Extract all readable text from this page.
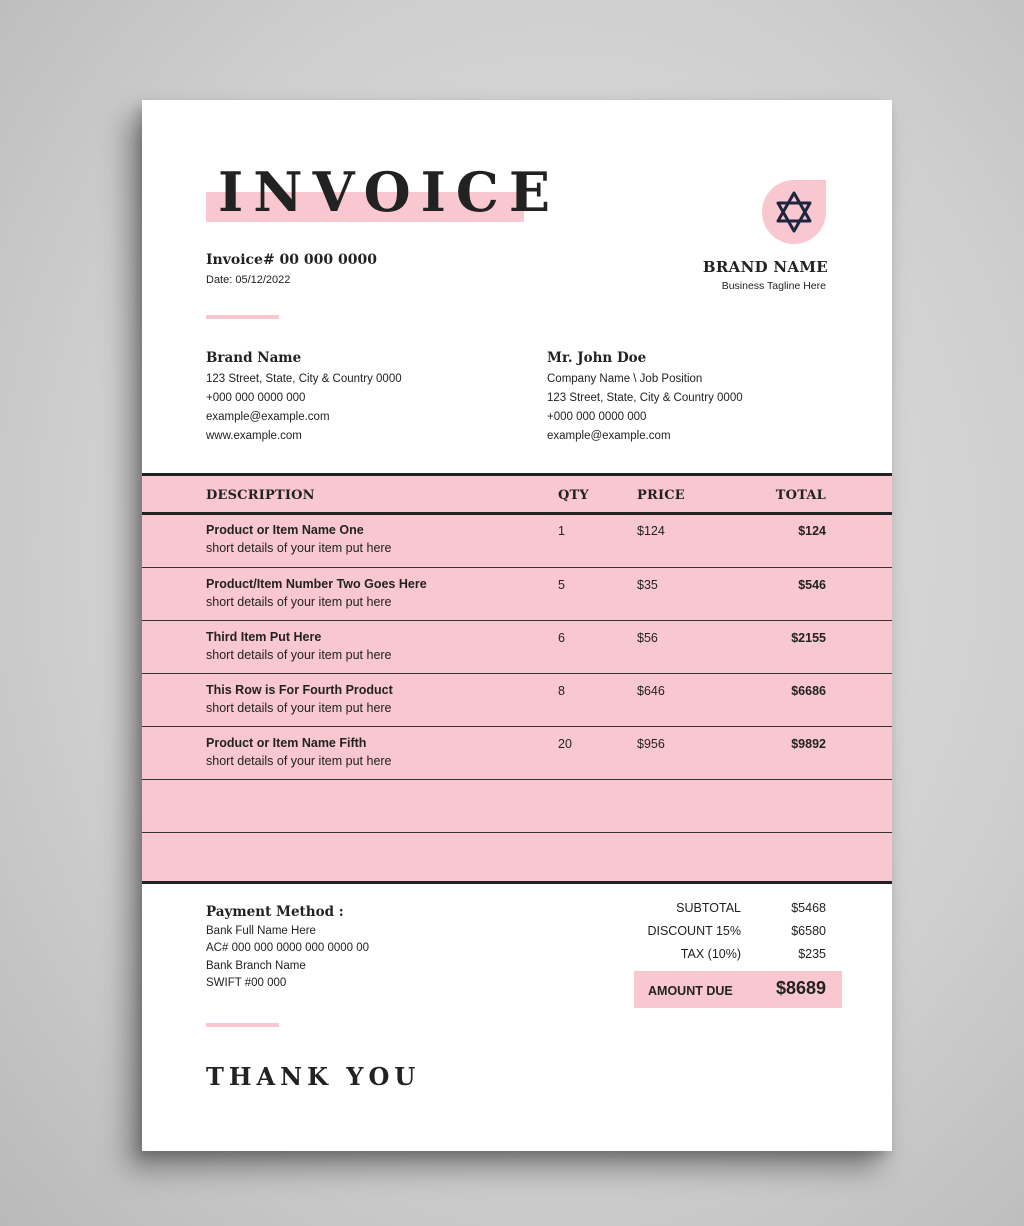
INVOICE
Invoice# 00 000 0000
Date: 05/12/2022
BRAND NAME
Business Tagline Here
Brand Name
123 Street, State, City & Country 0000
+000 000 0000 000
example@example.com
www.example.com
Mr. John Doe
Company Name \ Job Position
123 Street, State, City & Country 0000
+000 000 0000 000
example@example.com
DESCRIPTION	QTY	PRICE	TOTAL
Product or Item Name One
short details of your item put here
1	$124	$124
Product/Item Number Two Goes Here
short details of your item put here
5	$35	$546
Third Item Put Here
short details of your item put here
6	$56	$2155
This Row is For Fourth Product
short details of your item put here
8	$646	$6686
Product or Item Name Fifth
short details of your item put here
20	$956	$9892
Payment Method :
Bank Full Name Here
AC# 000 000 0000 000 0000 00
Bank Branch Name
SWIFT #00 000
SUBTOTAL	$5468
DISCOUNT 15%	$6580
TAX (10%)	$235
AMOUNT DUE $8689
THANK YOU
